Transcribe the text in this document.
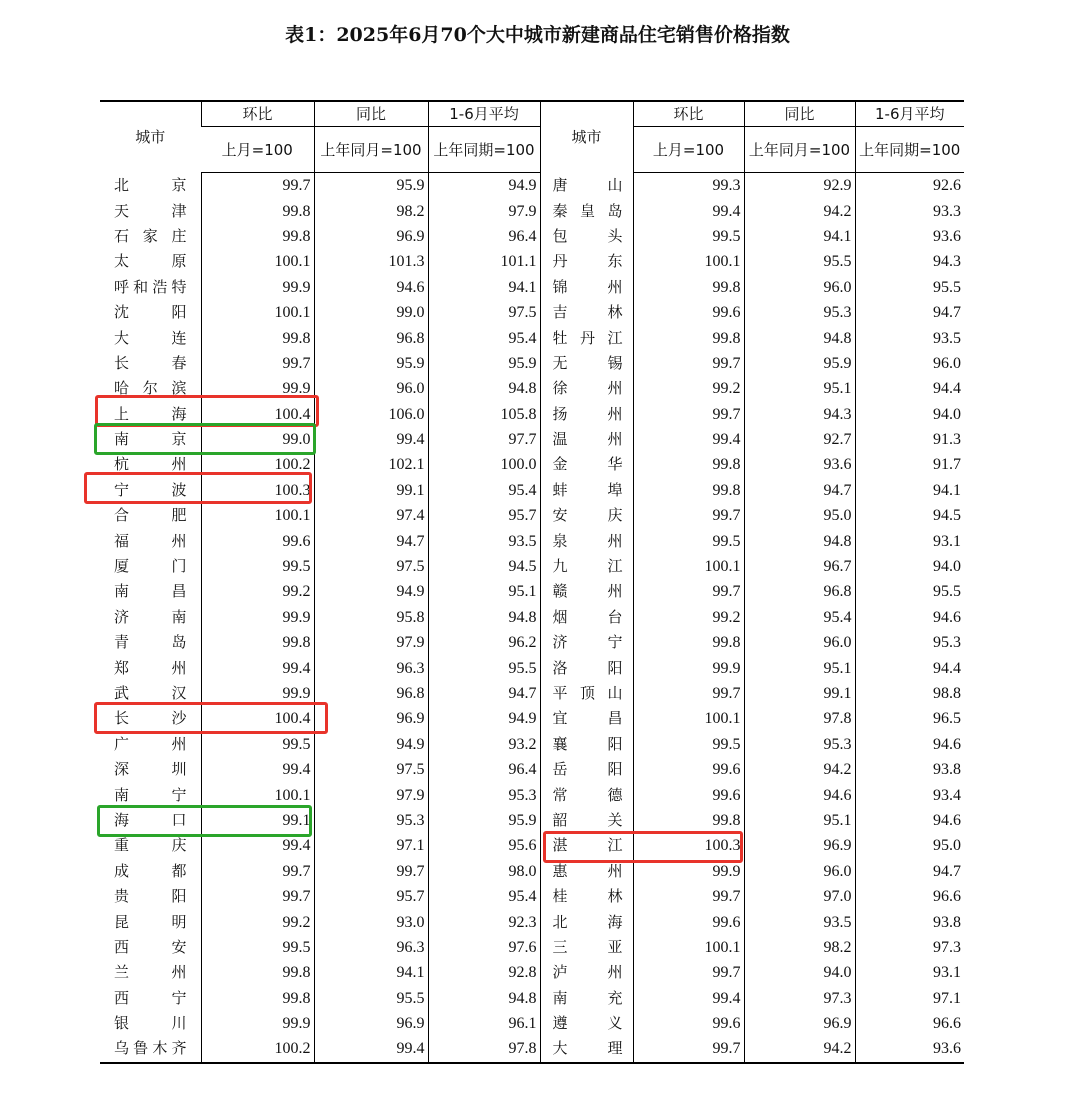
表1：2025年6月70个大中城市新建商品住宅销售价格指数
城市	环比	同比	1-6月平均	城市	环比	同比	1-6月平均
	上月=100	上年同月=100	上年同期=100		上月=100	上年同月=100	上年同期=100
北京	99.7	95.9	94.9	唐山	99.3	92.9	92.6
天津	99.8	98.2	97.9	秦皇岛	99.4	94.2	93.3
石家庄	99.8	96.9	96.4	包头	99.5	94.1	93.6
太原	100.1	101.3	101.1	丹东	100.1	95.5	94.3
呼和浩特	99.9	94.6	94.1	锦州	99.8	96.0	95.5
沈阳	100.1	99.0	97.5	吉林	99.6	95.3	94.7
大连	99.8	96.8	95.4	牡丹江	99.8	94.8	93.5
长春	99.7	95.9	95.9	无锡	99.7	95.9	96.0
哈尔滨	99.9	96.0	94.8	徐州	99.2	95.1	94.4
上海	100.4	106.0	105.8	扬州	99.7	94.3	94.0
南京	99.0	99.4	97.7	温州	99.4	92.7	91.3
杭州	100.2	102.1	100.0	金华	99.8	93.6	91.7
宁波	100.3	99.1	95.4	蚌埠	99.8	94.7	94.1
合肥	100.1	97.4	95.7	安庆	99.7	95.0	94.5
福州	99.6	94.7	93.5	泉州	99.5	94.8	93.1
厦门	99.5	97.5	94.5	九江	100.1	96.7	94.0
南昌	99.2	94.9	95.1	赣州	99.7	96.8	95.5
济南	99.9	95.8	94.8	烟台	99.2	95.4	94.6
青岛	99.8	97.9	96.2	济宁	99.8	96.0	95.3
郑州	99.4	96.3	95.5	洛阳	99.9	95.1	94.4
武汉	99.9	96.8	94.7	平顶山	99.7	99.1	98.8
长沙	100.4	96.9	94.9	宜昌	100.1	97.8	96.5
广州	99.5	94.9	93.2	襄阳	99.5	95.3	94.6
深圳	99.4	97.5	96.4	岳阳	99.6	94.2	93.8
南宁	100.1	97.9	95.3	常德	99.6	94.6	93.4
海口	99.1	95.3	95.9	韶关	99.8	95.1	94.6
重庆	99.4	97.1	95.6	湛江	100.3	96.9	95.0
成都	99.7	99.7	98.0	惠州	99.9	96.0	94.7
贵阳	99.7	95.7	95.4	桂林	99.7	97.0	96.6
昆明	99.2	93.0	92.3	北海	99.6	93.5	93.8
西安	99.5	96.3	97.6	三亚	100.1	98.2	97.3
兰州	99.8	94.1	92.8	泸州	99.7	94.0	93.1
西宁	99.8	95.5	94.8	南充	99.4	97.3	97.1
银川	99.9	96.9	96.1	遵义	99.6	96.9	96.6
乌鲁木齐	100.2	99.4	97.8	大理	99.7	94.2	93.6
